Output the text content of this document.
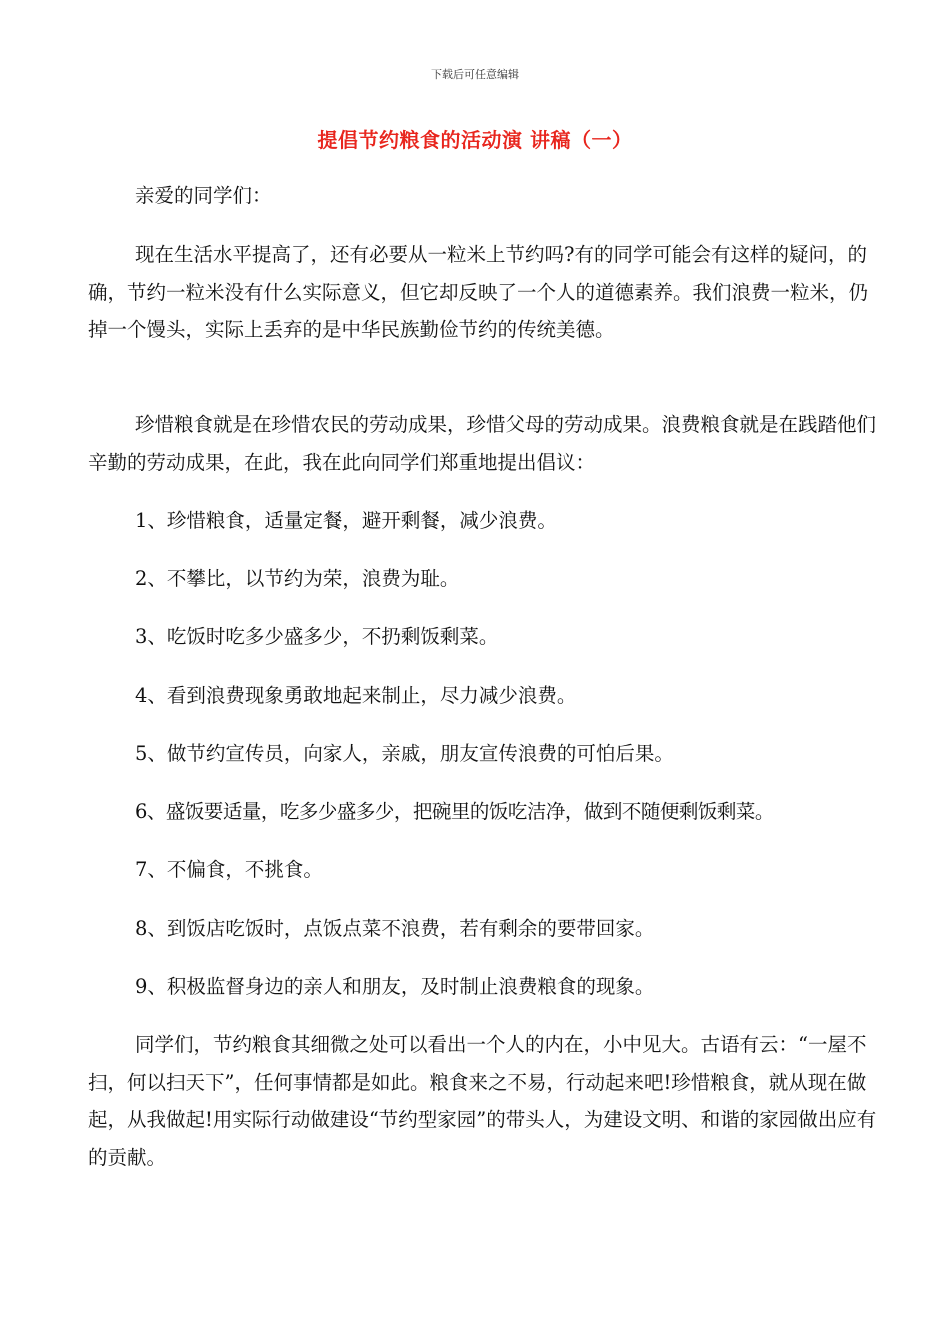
下载后可任意编辑
提倡节约粮食的活动演 讲稿（一）

亲爱的同学们：

现在生活水平提高了，还有必要从一粒米上节约吗?有的同学可能会有这样的疑问，的确，节约一粒米没有什么实际意义，但它却反映了一个人的道德素养。我们浪费一粒米，仍掉一个馒头，实际上丢弃的是中华民族勤俭节约的传统美德。

珍惜粮食就是在珍惜农民的劳动成果，珍惜父母的劳动成果。浪费粮食就是在践踏他们辛勤的劳动成果，在此，我在此向同学们郑重地提出倡议：

1、珍惜粮食，适量定餐，避开剩餐，减少浪费。

2、不攀比，以节约为荣，浪费为耻。

3、吃饭时吃多少盛多少，不扔剩饭剩菜。

4、看到浪费现象勇敢地起来制止，尽力减少浪费。

5、做节约宣传员，向家人，亲戚，朋友宣传浪费的可怕后果。

6、盛饭要适量，吃多少盛多少，把碗里的饭吃洁净，做到不随便剩饭剩菜。

7、不偏食，不挑食。

8、到饭店吃饭时，点饭点菜不浪费，若有剩余的要带回家。

9、积极监督身边的亲人和朋友，及时制止浪费粮食的现象。

同学们，节约粮食其细微之处可以看出一个人的内在，小中见大。古语有云：“一屋不扫，何以扫天下”，任何事情都是如此。粮食来之不易，行动起来吧!珍惜粮食，就从现在做起，从我做起!用实际行动做建设“节约型家园”的带头人，为建设文明、和谐的家园做出应有的贡献。
